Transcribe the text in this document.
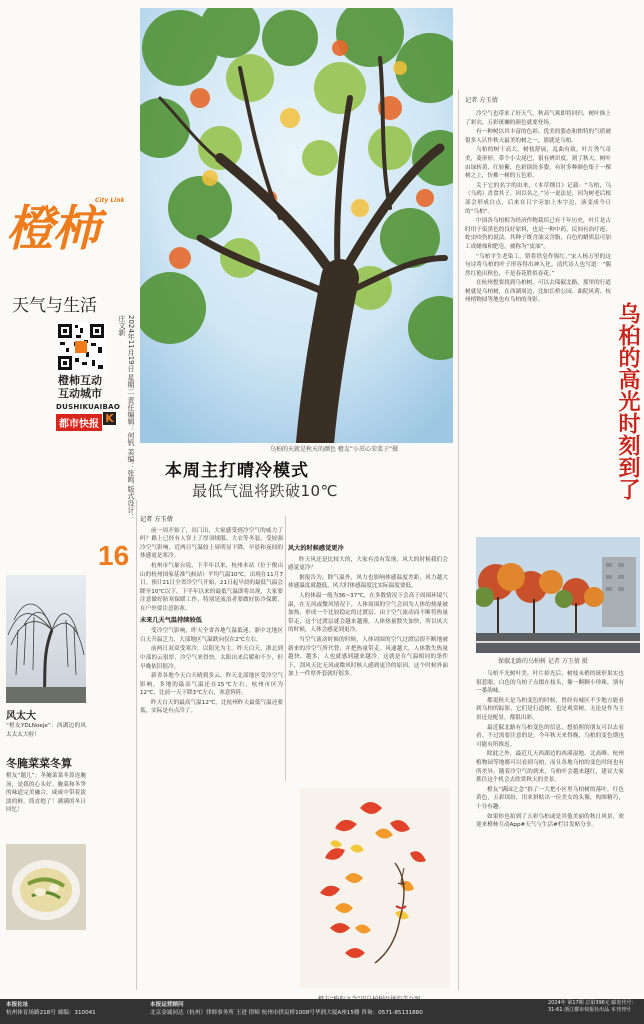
橙柿
City Link
天气与生活
橙柿互动
互动城市
DUSHIKUAIBAO
都市快报 K
16
2024年11月19日 星期二 责任编辑：何钒 美编：张鸣 版式设计：庄文新
风太大
“橙友YDLNoeje”：西湖边的风太太太大啦！
冬腌菜菜冬算
橙友“题儿”：冬腌菜菜冬算连腌汤，是我的心头好。腌菜和冬笋的味道完美融合，咸咸中带着淡淡的鲜，简直绝了！满满的冬日回忆！
乌柏的天就是秋天的颜色 橙友“小茁心荣菜子”摄
本周主打晴冷模式
最低气温将跌破10℃
记者 方玉倩

前一周开始了，出门出，大家感受到冷空气的威力了吗？路上已经有人穿上了厚羽绒服、大衣等冬装。受较强冷空气影响，近两日气温较上周明显下降，早晨和夜间的体感更是寒冷。

杭州市气象台说，下半年以来，杭州本站（位于俊山山的杭州国家基准气候站）平均气温10℃，出现在11月7日。预计21日全省冷空气开始，21日起早晨的最低气温会降至10℃以下，下半年以来的最低气温即将出现，大家要注意做好防寒保暖工作。特别是流浪者要做好防冷保暖，在户外要注意防寒。

未来几天气温持续较低

受冷空气影响，昨天全省各地气温低迷。浙中北地区白天升温乏力，大部地区气温跌向仅在2℃左右。

前两日双双受寒冷，以阳光为主。昨天白天，浙北到中部的云很厚，冷空气来得快。太阳出来后暖和不少，但早晚依旧很冷。

新省各地今天白天晴到多云，昨天北部地区受冷空气影响，多地的最高气温还在15℃左右，杭州市区为12℃，比前一天下降3℃左右，寒意阵阵。

昨天白天的最高气温12℃，比杭州昨天最低气温还要低，实际是有点冷了。

风大的时候感觉更冷

昨天风还是比较大的，大家有没有发现，风大的时候我们会感觉更冷？

据报告为，除气温外，风力也影响体感温度差距，风力越大体感温度就越低，风大时体感温度比实际温度要低。

人的体温一般为36~37℃，在多数情况下会高于周围环境气温，在无风或微风情况下，人体周围的空气会因为人体的热量被加热，形成一个比较稳定的过渡层。由于空气流动而不断将热量带走，这个过渡层就会越来越薄，人体热量散失加快，所以风大的时候，人体会感觉到更冷。

当空气流动时候的时候，人体周围的空气过渡层很不断地被新来的冷空气所代替，并把热量带走。风速越大，人体散失热量越快、越多，人也就感到越来越冷。这就是在气温相同的条件下，刮风天比无风或微风时候人感到更冷的原因。这个时候外面加上一件厚外套就好很多。

记者 方玉倩

冷空气也带来了好天气，秋高气爽即将回归，树叶换上了彩衣，五彩斑斓的颜色就要登场。

有一种树以其丰富的色彩、优美的姿态和独特的气质被很多人认作秋天最美的树之一，那就是乌柏。

乌柏的树干高大，树枝舒展，乱曲有致，叶片秀气奇美，菱形形，带个小尖尾巴，很有辨识度。到了秋天，树叶由绿转黄、红转紫，色彩缤纷多姿，有时多种颜色集于一棵树之上，仿佛一树的五色彩。

关于它的名字的由来，《本草纲目》记载：“乌柏，乌（乌鸦）喜食其子，因以名之。”另一说法是，因为树老后根部会形成白点，后来在日字旁加上木字边，演变成今日的“乌柏”。

中国各乌柏相为经济作物栽培已有千年历史，叶片是古时用于染黑色的良好原料，也是一种中药，民间有治疗疮、蛇虫咬伤的说法。其种子既含油又含脂，白色的蜡质层可加工成蜡烛和肥皂，被称为“皮油”。

“乌柏平生老染工，错将铁皂作猩红。”宋人杨万里的这句诗将乌柏的叶子形容得出神入化。清代诗人也写道：“偶然红艳出秋色，不是春花胜似春花。”

在杭州想要找到乌柏树，可以去保俶北路，那里的行道树就是乌柏树，在西湖周边，比如长桥公园、曲院风荷、杭州植物园等地也有乌柏的身影。

乌桕的高光时刻到了
保俶北路的乌柏树 记者 方玉倩 摄

乌柏不光树叶美，叶片掉光后，树枝末梢的球形果实也很惹眼，白色的乌柏子点缀在枝头，像一颗颗小珍珠，别有一番韵味。

都说秋天是乌柏变色的时候，曾经有城区不少地方能看到乌柏的踪影，它们是行道树，也是观赏树，无论是作为主景还是配景，都很出彩。

最近俶北路有乌柏变色的信息，想拍照的朋友可以去看看。不过需要注意的是，今年秋天来得晚，乌柏的变色期也可能有所推迟。

除此之外，最近几天西湖边的西溪湿地、北高峰、杭州植物园等地都可以看到乌柏，而且各地乌柏的变色时间也有所差异。随着冷空气的到来，乌柏叶会越来越红，建议大家抓住这个机会去欣赏秋天的美景。

橙友“满园之念”拾了一大把小区里乌柏树的落叶，红色黄色，五彩缤纷，用来拼贴出一位美女的头像，构图精巧，十分有趣。

如果你也拍到了五彩乌柏或是其他美丽的秋日风景，欢迎来橙柿互动App#天气与生活#栏目发帖分享。

本报社址
杭州体育场路218号 邮编：310041
本报运营顾问
北京金诚同达（杭州）律师事务所 王进 律师 杭州市拱宸桥1008号华润大厦A座15楼 咨询：0571-85131880
2024年 第17期 总第396元 邮发代号：31-61 浙江都市快报社出品 本刊刊号
